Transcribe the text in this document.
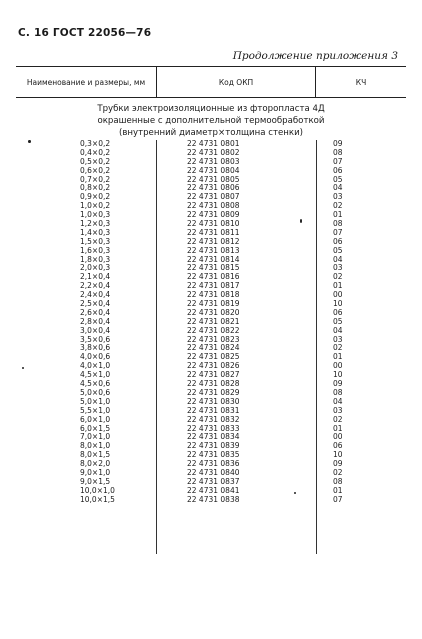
С. 16 ГОСТ 22056—76
Продолжение приложения 3
Наименование и размеры, мм	Код ОКП	КЧ
Трубки электроизоляционные из фторопласта 4Д
окрашенные с дополнительной термообработкой
(внутренний диаметр×толщина стенки)
0,3×0,2	22 4731 0801	09
0,4×0,2	22 4731 0802	08
0,5×0,2	22 4731 0803	07
0,6×0,2	22 4731 0804	06
0,7×0,2	22 4731 0805	05
0,8×0,2	22 4731 0806	04
0,9×0,2	22 4731 0807	03
1,0×0,2	22 4731 0808	02
1,0×0,3	22 4731 0809	01
1,2×0,3	22 4731 0810	08
1,4×0,3	22 4731 0811	07
1,5×0,3	22 4731 0812	06
1,6×0,3	22 4731 0813	05
1,8×0,3	22 4731 0814	04
2,0×0,3	22 4731 0815	03
2,1×0,4	22 4731 0816	02
2,2×0,4	22 4731 0817	01
2,4×0,4	22 4731 0818	00
2,5×0,4	22 4731 0819	10
2,6×0,4	22 4731 0820	06
2,8×0,4	22 4731 0821	05
3,0×0,4	22 4731 0822	04
3,5×0,6	22 4731 0823	03
3,8×0,6	22 4731 0824	02
4,0×0,6	22 4731 0825	01
4,0×1,0	22 4731 0826	00
4,5×1,0	22 4731 0827	10
4,5×0,6	22 4731 0828	09
5,0×0,6	22 4731 0829	08
5,0×1,0	22 4731 0830	04
5,5×1,0	22 4731 0831	03
6,0×1,0	22 4731 0832	02
6,0×1,5	22 4731 0833	01
7,0×1,0	22 4731 0834	00
8,0×1,0	22 4731 0839	06
8,0×1,5	22 4731 0835	10
8,0×2,0	22 4731 0836	09
9,0×1,0	22 4731 0840	02
9,0×1,5	22 4731 0837	08
10,0×1,0	22 4731 0841	01
10,0×1,5	22 4731 0838	07
